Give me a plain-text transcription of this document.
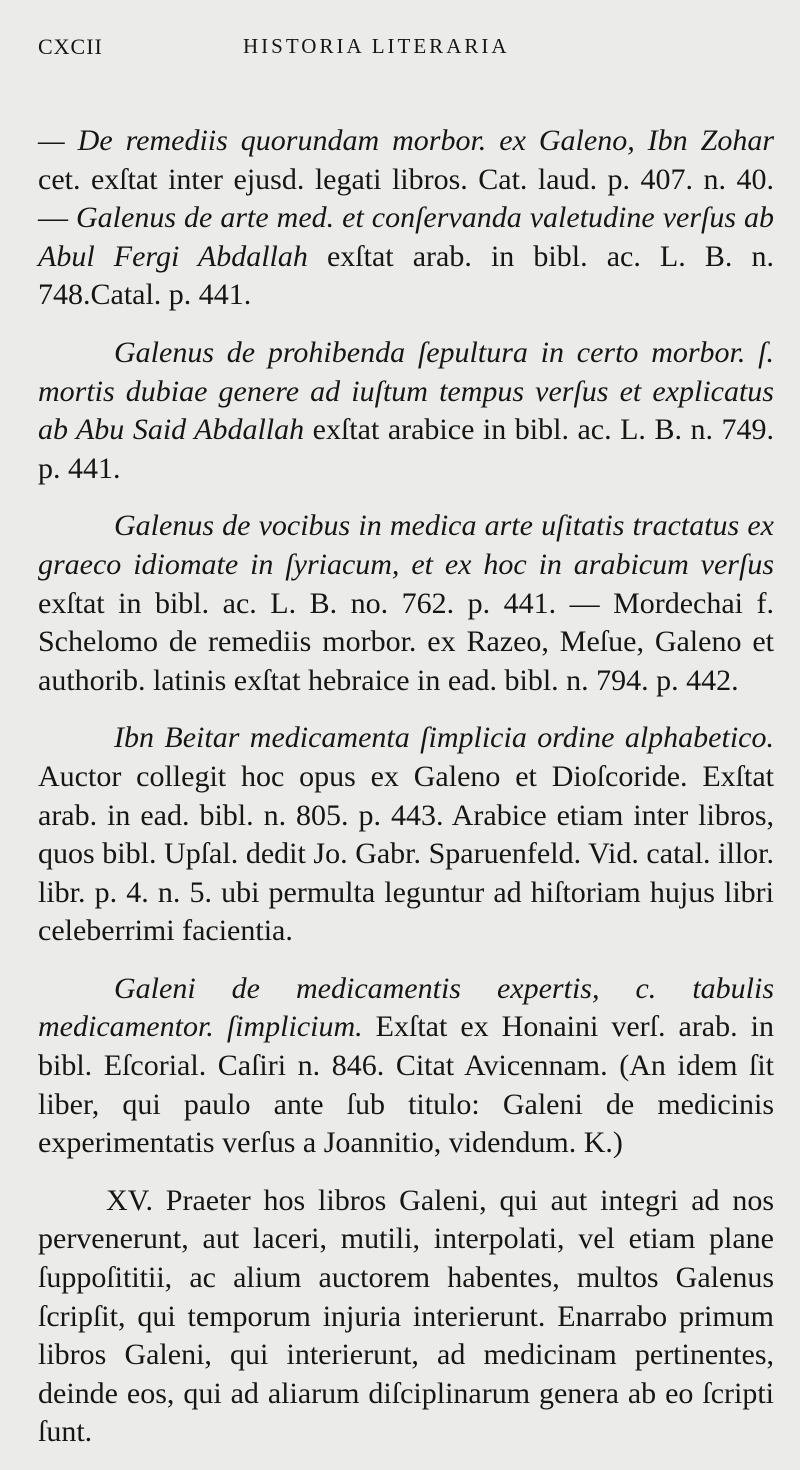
CXCII	HISTORIA LITERARIA

— De remediis quorundam morbor. ex Galeno, Ibn Zohar cet. exſtat inter ejusd. legati libros. Cat. laud. p. 407. n. 40. — Galenus de arte med. et conſervanda valetudine verſus ab Abul Fergi Abdallah exſtat arab. in bibl. ac. L. B. n. 748.Catal. p. 441.

Galenus de prohibenda ſepultura in certo morbor. ſ. mortis dubiae genere ad iuſtum tempus verſus et explicatus ab Abu Said Abdallah exſtat arabice in bibl. ac. L. B. n. 749. p. 441.

Galenus de vocibus in medica arte uſitatis tractatus ex graeco idiomate in ſyriacum, et ex hoc in arabicum verſus exſtat in bibl. ac. L. B. no. 762. p. 441. — Mordechai f. Schelomo de remediis morbor. ex Razeo, Meſue, Galeno et authorib. latinis exſtat hebraice in ead. bibl. n. 794. p. 442.

Ibn Beitar medicamenta ſimplicia ordine alphabetico. Auctor collegit hoc opus ex Galeno et Dioſcoride. Exſtat arab. in ead. bibl. n. 805. p. 443. Arabice etiam inter libros, quos bibl. Upſal. dedit Jo. Gabr. Sparuenfeld. Vid. catal. illor. libr. p. 4. n. 5. ubi permulta leguntur ad hiſtoriam hujus libri celeberrimi facientia.

Galeni de medicamentis expertis, c. tabulis medicamentor. ſimplicium. Exſtat ex Honaini verſ. arab. in bibl. Eſcorial. Caſiri n. 846. Citat Avicennam. (An idem ſit liber, qui paulo ante ſub titulo: Galeni de medicinis experimentatis verſus a Joannitio, videndum. K.)

XV. Praeter hos libros Galeni, qui aut integri ad nos pervenerunt, aut laceri, mutili, interpolati, vel etiam plane ſuppoſititii, ac alium auctorem habentes, multos Galenus ſcripſit, qui temporum injuria interierunt. Enarrabo primum libros Galeni, qui interierunt, ad medicinam pertinentes, deinde eos, qui ad aliarum diſciplinarum genera ab eo ſcripti ſunt.
